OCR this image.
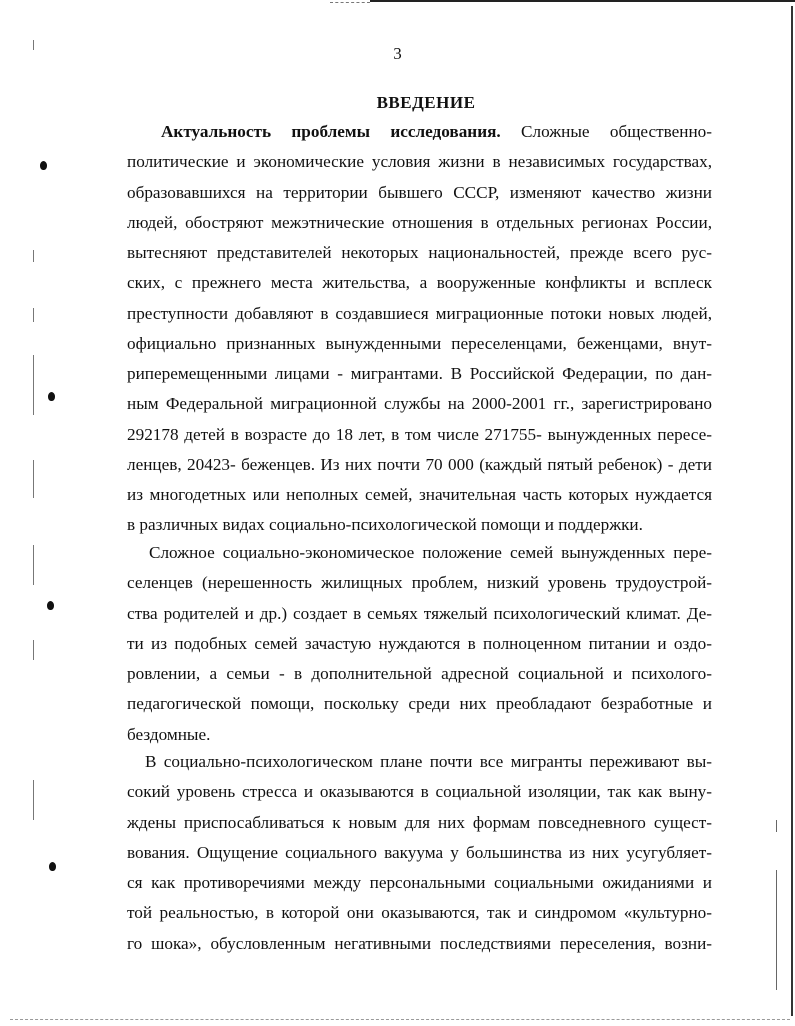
3
ВВЕДЕНИЕ
Актуальность проблемы исследования. Сложные общественно-
политические и экономические условия жизни в независимых государствах,
образовавшихся на территории бывшего СССР, изменяют качество жизни
людей, обостряют межэтнические отношения в отдельных регионах России,
вытесняют представителей некоторых национальностей, прежде всего рус-
ских, с прежнего места жительства, а вооруженные конфликты и всплеск
преступности добавляют в создавшиеся миграционные потоки новых людей,
официально признанных вынужденными переселенцами, беженцами, внут-
риперемещенными лицами - мигрантами. В Российской Федерации, по дан-
ным Федеральной миграционной службы на 2000-2001 гг., зарегистрировано
292178 детей в возрасте до 18 лет, в том числе 271755- вынужденных пересе-
ленцев, 20423- беженцев. Из них почти 70 000 (каждый пятый ребенок) - дети
из многодетных или неполных семей, значительная часть которых нуждается
в различных видах социально-психологической помощи и поддержки.
Сложное социально-экономическое положение семей вынужденных пере-
селенцев (нерешенность жилищных проблем, низкий уровень трудоустрой-
ства родителей и др.) создает в семьях тяжелый психологический климат. Де-
ти из подобных семей зачастую нуждаются в полноценном питании и оздо-
ровлении, а семьи - в дополнительной адресной социальной и психолого-
педагогической помощи, поскольку среди них преобладают безработные и
бездомные.
В социально-психологическом плане почти все мигранты переживают вы-
сокий уровень стресса и оказываются в социальной изоляции, так как выну-
ждены приспосабливаться к новым для них формам повседневного сущест-
вования. Ощущение социального вакуума у большинства из них усугубляет-
ся как противоречиями между персональными социальными ожиданиями и
той реальностью, в которой они оказываются, так и синдромом «культурно-
го шока», обусловленным негативными последствиями переселения, возни-
